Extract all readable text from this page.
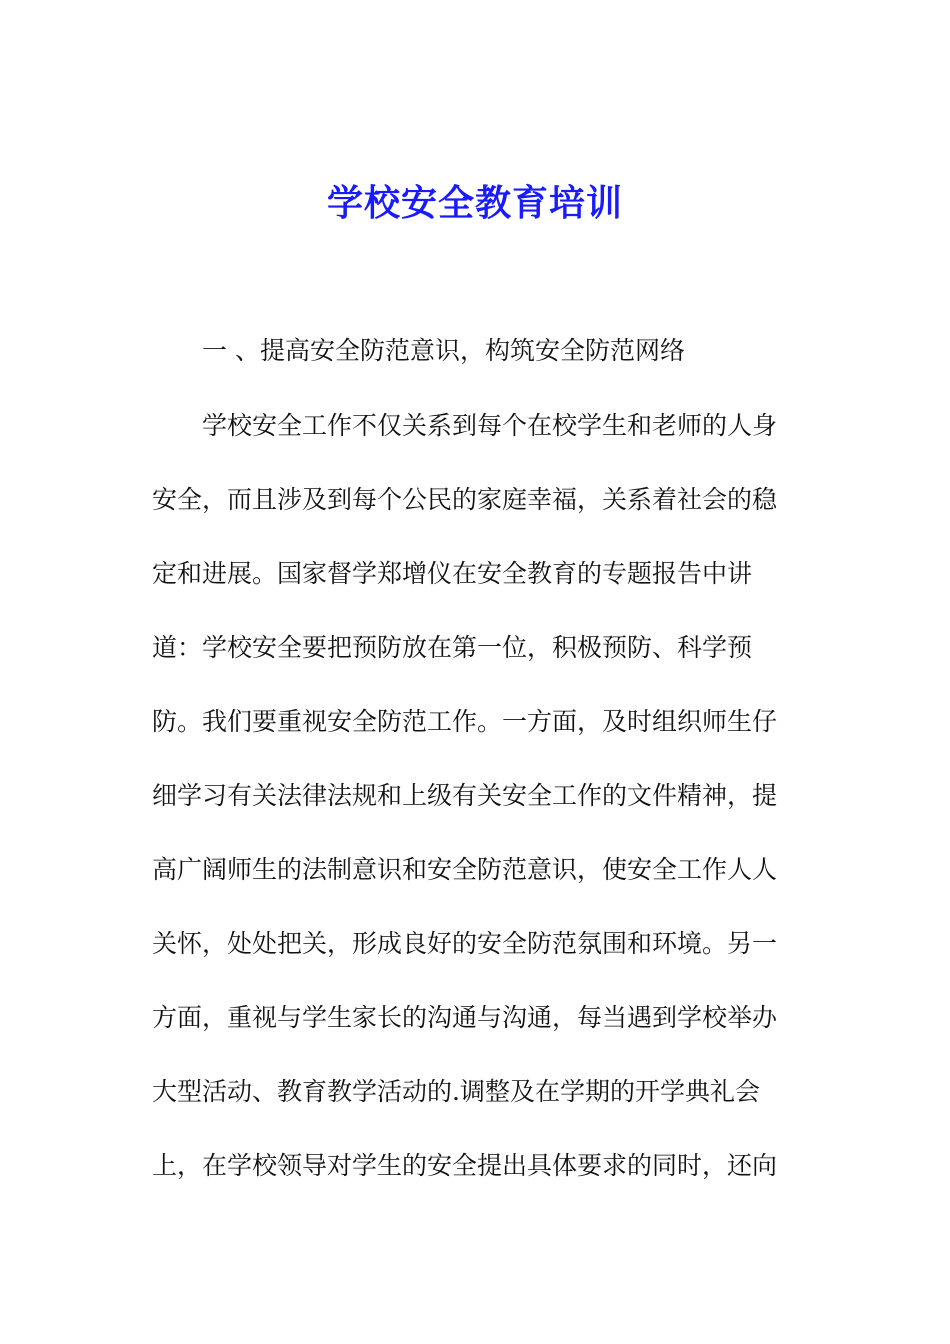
学校安全教育培训
一 、提高安全防范意识，构筑安全防范网络
学校安全工作不仅关系到每个在校学生和老师的人身
安全，而且涉及到每个公民的家庭幸福，关系着社会的稳
定和进展。国家督学郑增仪在安全教育的专题报告中讲
道：学校安全要把预防放在第一位，积极预防、科学预
防。我们要重视安全防范工作。一方面，及时组织师生仔
细学习有关法律法规和上级有关安全工作的文件精神，提
高广阔师生的法制意识和安全防范意识，使安全工作人人
关怀，处处把关，形成良好的安全防范氛围和环境。另一
方面，重视与学生家长的沟通与沟通，每当遇到学校举办
大型活动、教育教学活动的.调整及在学期的开学典礼会
上，在学校领导对学生的安全提出具体要求的同时，还向
